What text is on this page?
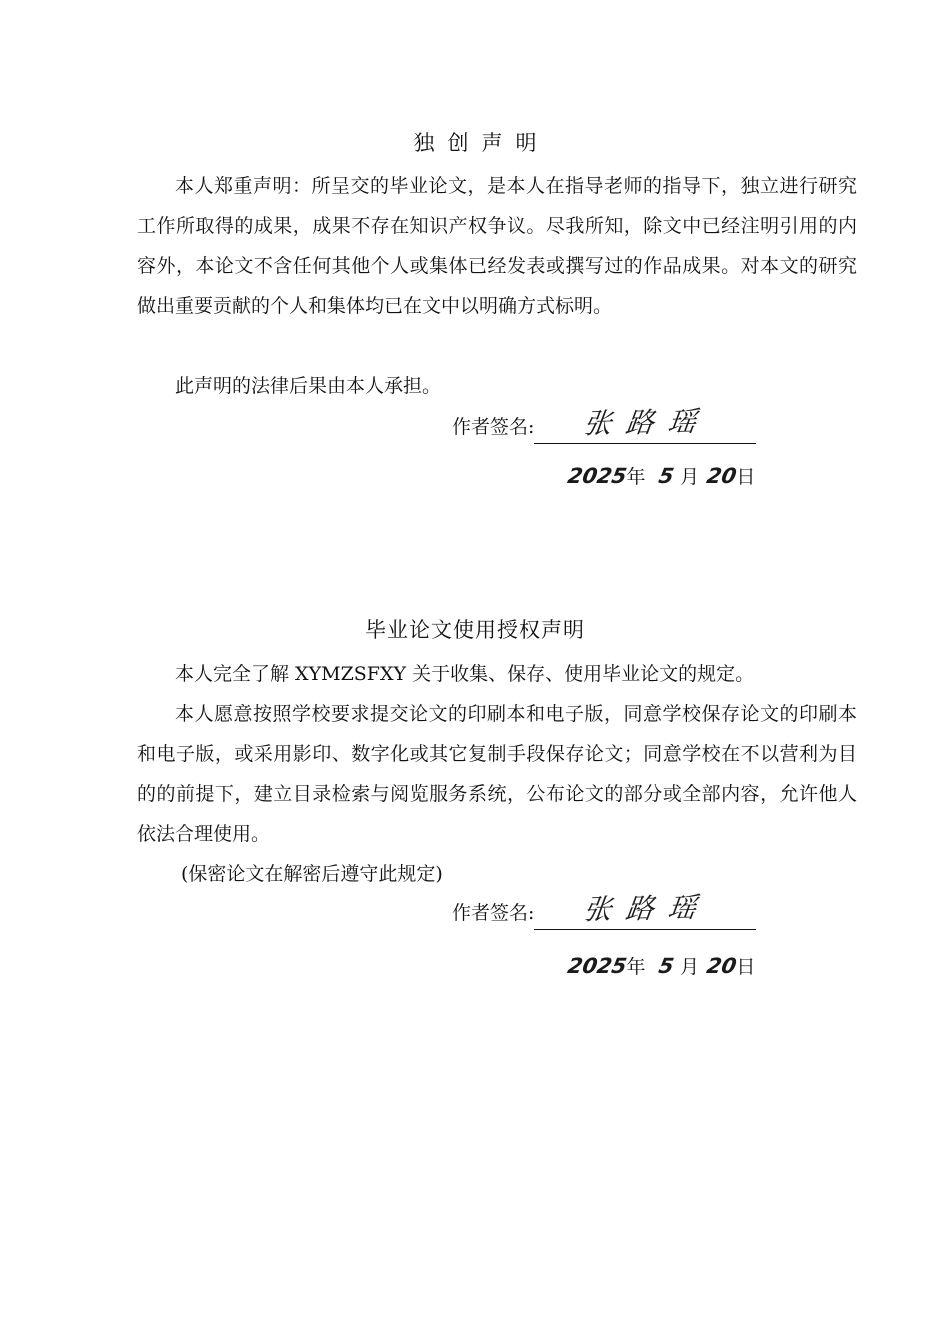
独创声明

本人郑重声明：所呈交的毕业论文，是本人在指导老师的指导下，独立进行研究工作所取得的成果，成果不存在知识产权争议。尽我所知，除文中已经注明引用的内容外，本论文不含任何其他个人或集体已经发表或撰写过的作品成果。对本文的研究做出重要贡献的个人和集体均已在文中以明确方式标明。

此声明的法律后果由本人承担。

作者签名: 张路瑶
2025
年 5 月 20
日
毕业论文使用授权声明

本人完全了解 XYMZSFXY 关于收集、保存、使用毕业论文的规定。

本人愿意按照学校要求提交论文的印刷本和电子版，同意学校保存论文的印刷本和电子版，或采用影印、数字化或其它复制手段保存论文；同意学校在不以营利为目的的前提下，建立目录检索与阅览服务系统，公布论文的部分或全部内容，允许他人依法合理使用。

(保密论文在解密后遵守此规定)

作者签名: 张路瑶
2025
年 5 月 20
日
